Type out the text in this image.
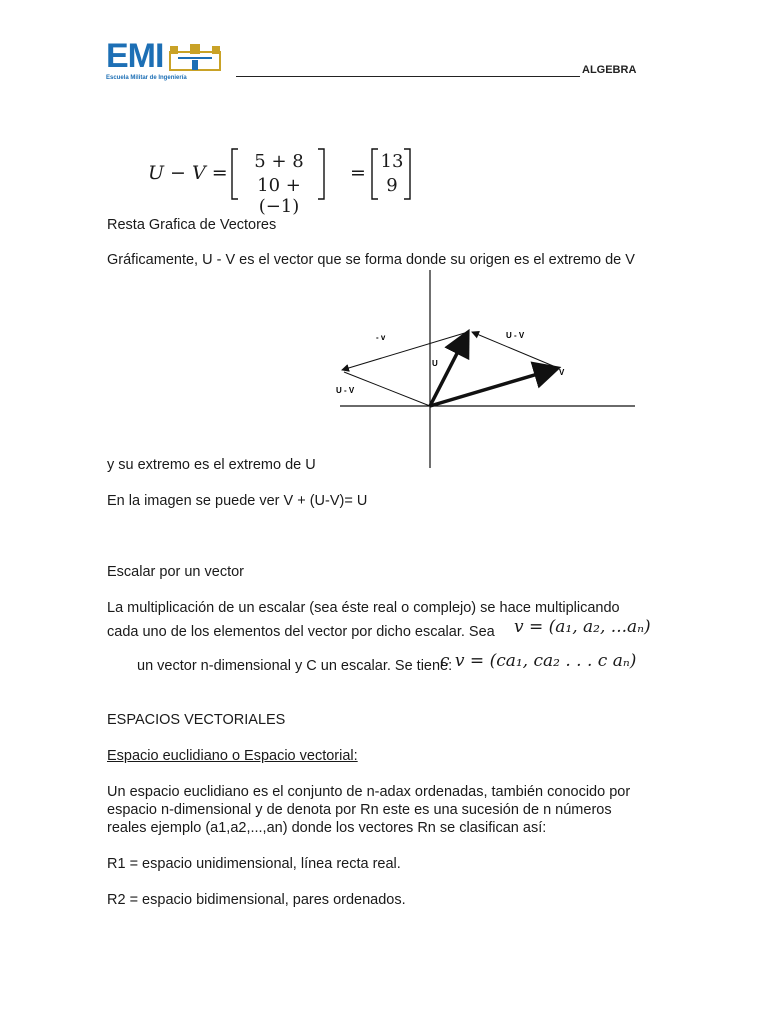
EMI
Escuela Militar de Ingeniería
ALGEBRA
U − V =
5 + 8
10 + (−1)
=
13
9
Resta Grafica de Vectores
Gráficamente, U - V es el vector que se forma donde su origen es el extremo de V
- v	U - V
U
V
U - V
y su extremo es el extremo de U
En la imagen se puede ver V + (U-V)= U
Escalar por un vector
La multiplicación de un escalar (sea éste real o complejo) se hace multiplicando
cada uno de los elementos del vector por dicho escalar. Sea v = (a₁, a₂, ...aₙ)
un vector n-dimensional y C un escalar. Se tiene:
c v = (ca₁, ca₂ . . . c aₙ)
ESPACIOS VECTORIALES
Espacio euclidiano o Espacio vectorial:
Un espacio euclidiano es el conjunto de n-adax ordenadas, también conocido por
espacio n-dimensional y de denota por Rn este es una sucesión de n números
reales ejemplo (a1,a2,...,an) donde los vectores Rn se clasifican así:
R1 = espacio unidimensional, línea recta real.
R2 = espacio bidimensional, pares ordenados.
